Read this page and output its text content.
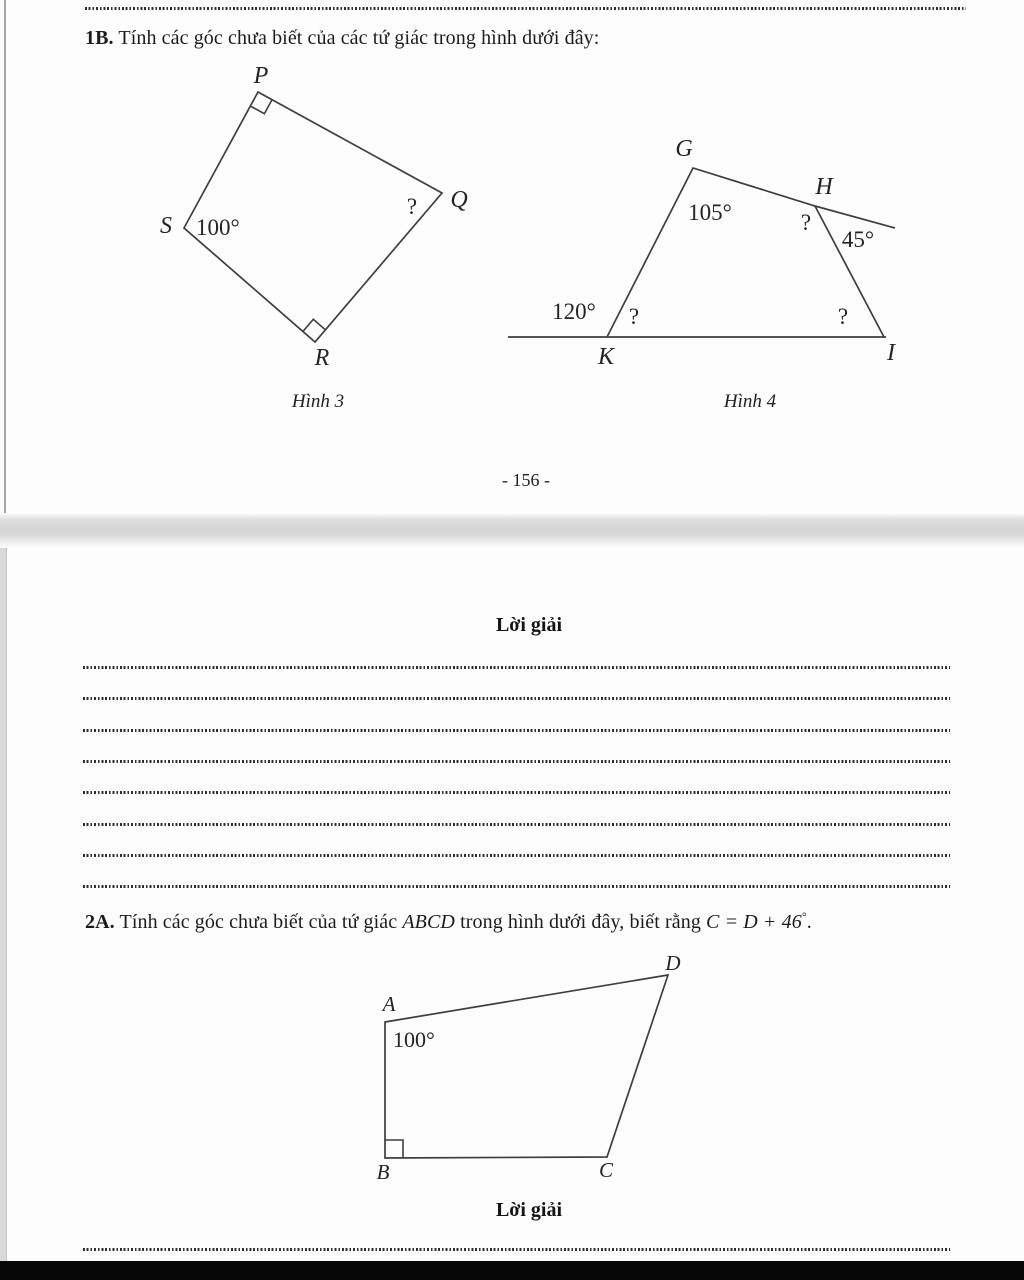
1B. Tính các góc chưa biết của các tứ giác trong hình dưới đây:
P
Q
S
R
100°
?
G
H
K	I
105°	?
45°
120° ?	?
Hình 3	Hình 4
- 156 -
Lời giải
2A. Tính các góc chưa biết của tứ giác ABCD trong hình dưới đây, biết rằng C = D + 46°.
A
D
B	C
100°
Lời giải
